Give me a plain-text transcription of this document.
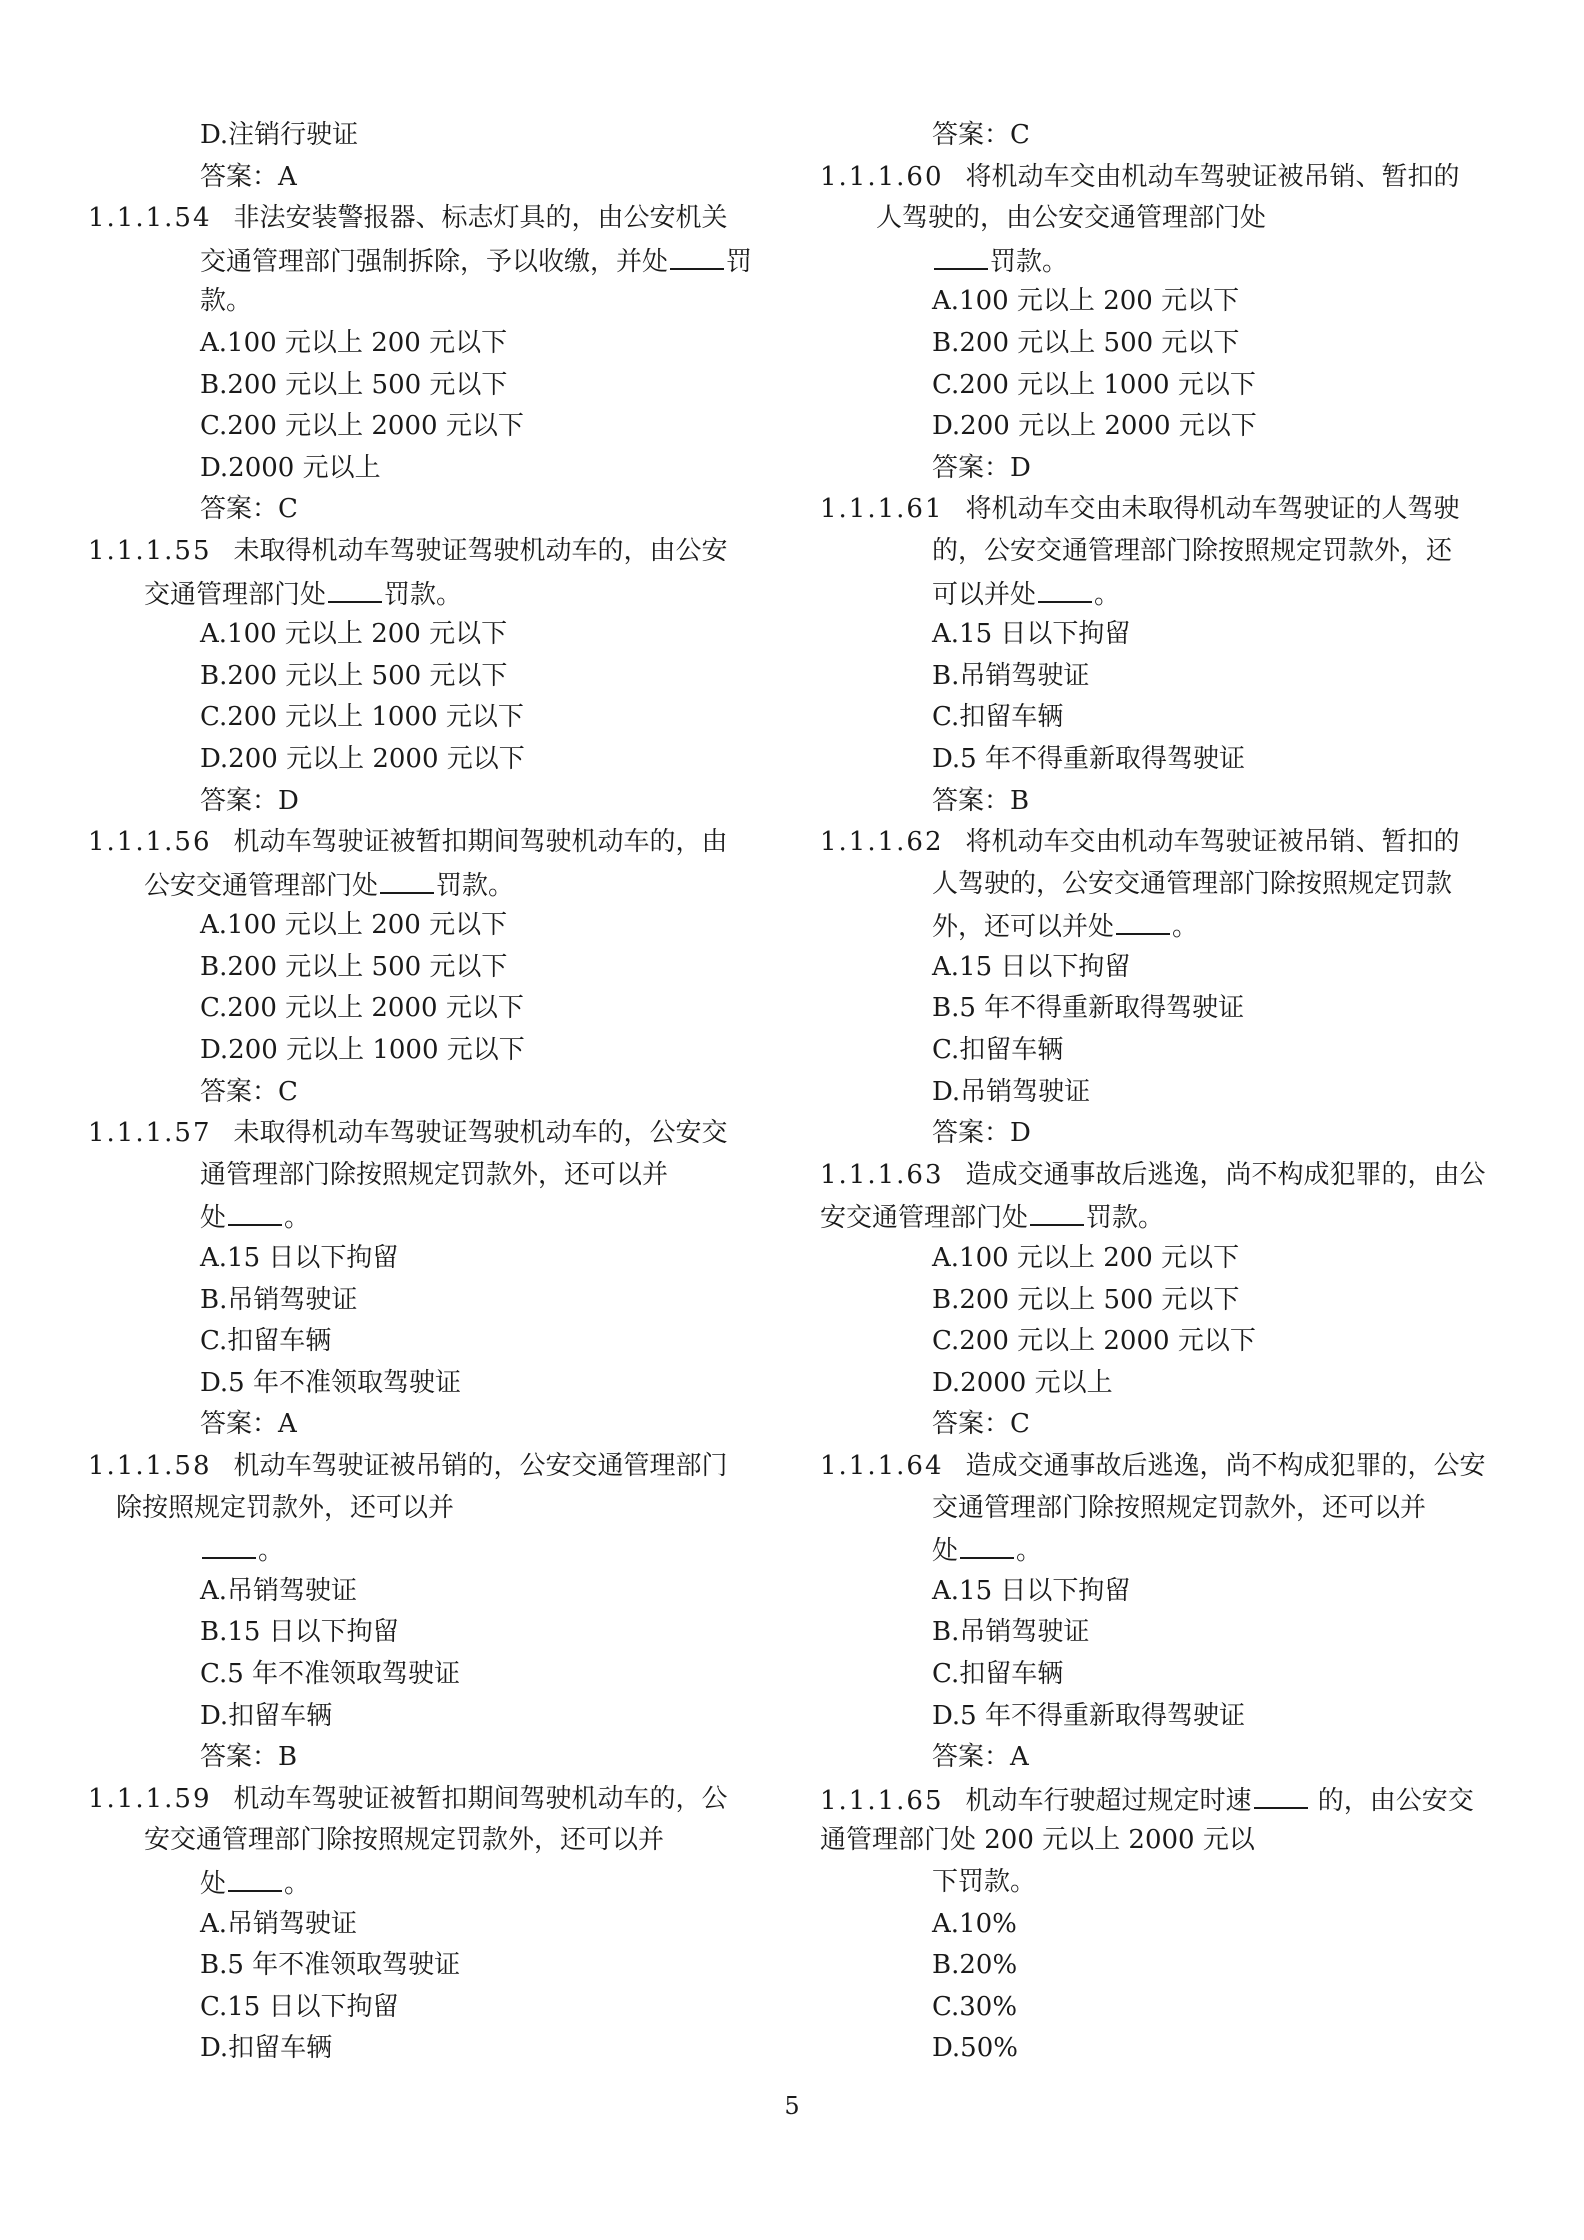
D.注销行驶证
答案：A
1.1.1.54 非法安装警报器、标志灯具的，由公安机关
交通管理部门强制拆除，予以收缴，并处 罚
款。
A.100 元以上 200 元以下
B.200 元以上 500 元以下
C.200 元以上 2000 元以下
D.2000 元以上
答案：C
1.1.1.55 未取得机动车驾驶证驾驶机动车的，由公安
交通管理部门处 罚款。
A.100 元以上 200 元以下
B.200 元以上 500 元以下
C.200 元以上 1000 元以下
D.200 元以上 2000 元以下
答案：D
1.1.1.56 机动车驾驶证被暂扣期间驾驶机动车的，由
公安交通管理部门处 罚款。
A.100 元以上 200 元以下
B.200 元以上 500 元以下
C.200 元以上 2000 元以下
D.200 元以上 1000 元以下
答案：C
1.1.1.57 未取得机动车驾驶证驾驶机动车的，公安交
通管理部门除按照规定罚款外，还可以并
处 。
A.15 日以下拘留
B.吊销驾驶证
C.扣留车辆
D.5 年不准领取驾驶证
答案：A
1.1.1.58 机动车驾驶证被吊销的，公安交通管理部门
除按照规定罚款外，还可以并
。
A.吊销驾驶证
B.15 日以下拘留
C.5 年不准领取驾驶证
D.扣留车辆
答案：B
1.1.1.59 机动车驾驶证被暂扣期间驾驶机动车的，公
安交通管理部门除按照规定罚款外，还可以并
处 。
A.吊销驾驶证
B.5 年不准领取驾驶证
C.15 日以下拘留
D.扣留车辆
答案：C
1.1.1.60 将机动车交由机动车驾驶证被吊销、暂扣的
人驾驶的，由公安交通管理部门处
罚款。
A.100 元以上 200 元以下
B.200 元以上 500 元以下
C.200 元以上 1000 元以下
D.200 元以上 2000 元以下
答案：D
1.1.1.61 将机动车交由未取得机动车驾驶证的人驾驶
的，公安交通管理部门除按照规定罚款外，还
可以并处 。
A.15 日以下拘留
B.吊销驾驶证
C.扣留车辆
D.5 年不得重新取得驾驶证
答案：B
1.1.1.62 将机动车交由机动车驾驶证被吊销、暂扣的
人驾驶的，公安交通管理部门除按照规定罚款
外，还可以并处 。
A.15 日以下拘留
B.5 年不得重新取得驾驶证
C.扣留车辆
D.吊销驾驶证
答案：D
1.1.1.63 造成交通事故后逃逸，尚不构成犯罪的，由公
安交通管理部门处 罚款。
A.100 元以上 200 元以下
B.200 元以上 500 元以下
C.200 元以上 2000 元以下
D.2000 元以上
答案：C
1.1.1.64 造成交通事故后逃逸，尚不构成犯罪的，公安
交通管理部门除按照规定罚款外，还可以并
处 。
A.15 日以下拘留
B.吊销驾驶证
C.扣留车辆
D.5 年不得重新取得驾驶证
答案：A
1.1.1.65 机动车行驶超过规定时速 的，由公安交
通管理部门处 200 元以上 2000 元以
下罚款。
A.10%
B.20%
C.30%
D.50%
5
